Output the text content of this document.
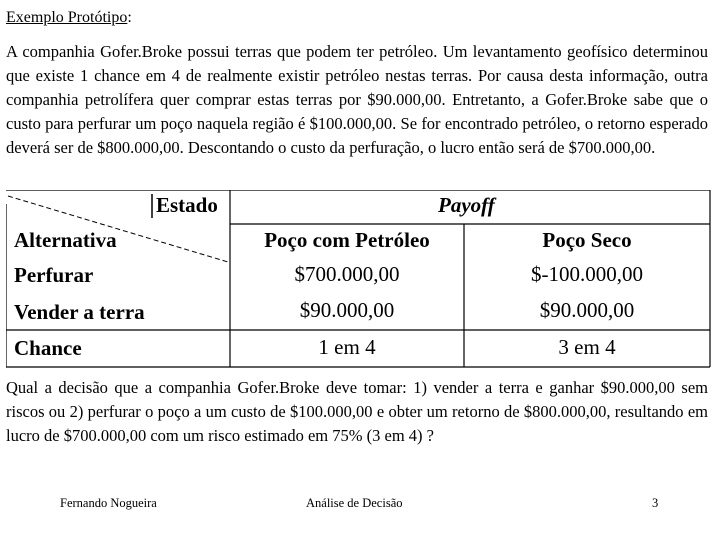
Exemplo Protótipo:
A companhia Gofer.Broke possui terras que podem ter petróleo. Um levantamento geofísico determinou que existe 1 chance em 4 de realmente existir petróleo nestas terras. Por causa desta informação, outra companhia petrolífera quer comprar estas terras por $90.000,00. Entretanto, a Gofer.Broke sabe que o custo para perfurar um poço naquela região é $100.000,00. Se for encontrado petróleo, o retorno esperado deverá ser de $800.000,00. Descontando o custo da perfuração, o lucro então será de $700.000,00.
Estado	Payoff
Alternativa	Poço com Petróleo	Poço Seco
Perfurar	$700.000,00	$-100.000,00
Vender a terra	$90.000,00	$90.000,00
Chance	1 em 4	3 em 4
Qual a decisão que a companhia Gofer.Broke deve tomar: 1) vender a terra e ganhar $90.000,00 sem riscos ou 2) perfurar o poço a um custo de $100.000,00 e obter um retorno de $800.000,00, resultando em lucro de $700.000,00 com um risco estimado em 75% (3 em 4) ?
Fernando Nogueira	Análise de Decisão	3
